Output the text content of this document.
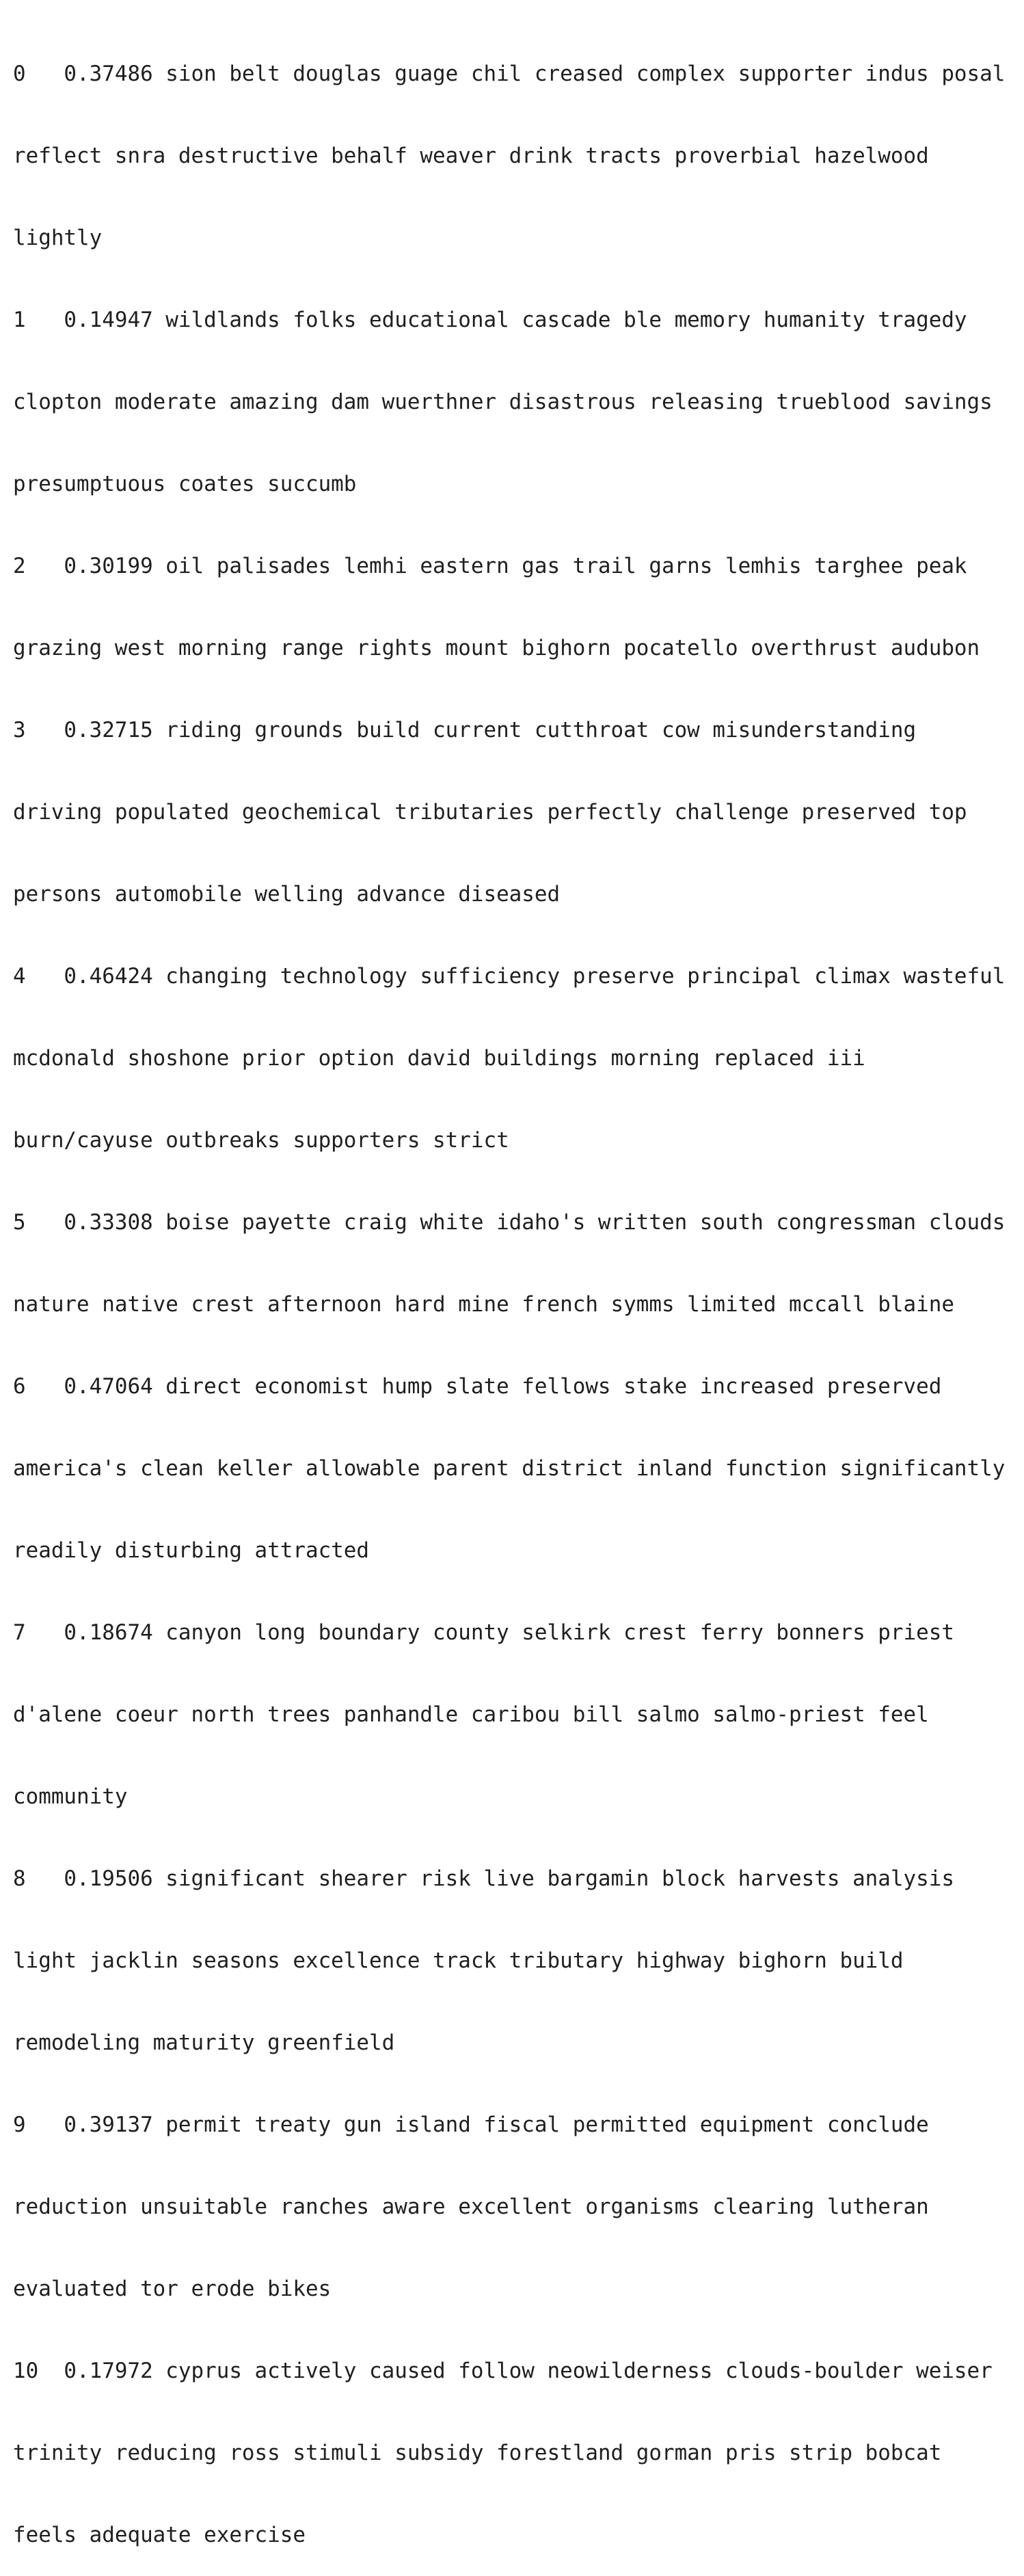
0   0.37486 sion belt douglas guage chil creased complex supporter indus posal

reflect snra destructive behalf weaver drink tracts proverbial hazelwood

lightly

1   0.14947 wildlands folks educational cascade ble memory humanity tragedy

clopton moderate amazing dam wuerthner disastrous releasing trueblood savings

presumptuous coates succumb

2   0.30199 oil palisades lemhi eastern gas trail garns lemhis targhee peak

grazing west morning range rights mount bighorn pocatello overthrust audubon

3   0.32715 riding grounds build current cutthroat cow misunderstanding

driving populated geochemical tributaries perfectly challenge preserved top

persons automobile welling advance diseased

4   0.46424 changing technology sufficiency preserve principal climax wasteful

mcdonald shoshone prior option david buildings morning replaced iii

burn/cayuse outbreaks supporters strict

5   0.33308 boise payette craig white idaho's written south congressman clouds

nature native crest afternoon hard mine french symms limited mccall blaine

6   0.47064 direct economist hump slate fellows stake increased preserved

america's clean keller allowable parent district inland function significantly

readily disturbing attracted

7   0.18674 canyon long boundary county selkirk crest ferry bonners priest

d'alene coeur north trees panhandle caribou bill salmo salmo-priest feel

community

8   0.19506 significant shearer risk live bargamin block harvests analysis

light jacklin seasons excellence track tributary highway bighorn build

remodeling maturity greenfield

9   0.39137 permit treaty gun island fiscal permitted equipment conclude

reduction unsuitable ranches aware excellent organisms clearing lutheran

evaluated tor erode bikes

10  0.17972 cyprus actively caused follow neowilderness clouds-boulder weiser

trinity reducing ross stimuli subsidy forestland gorman pris strip bobcat

feels adequate exercise
